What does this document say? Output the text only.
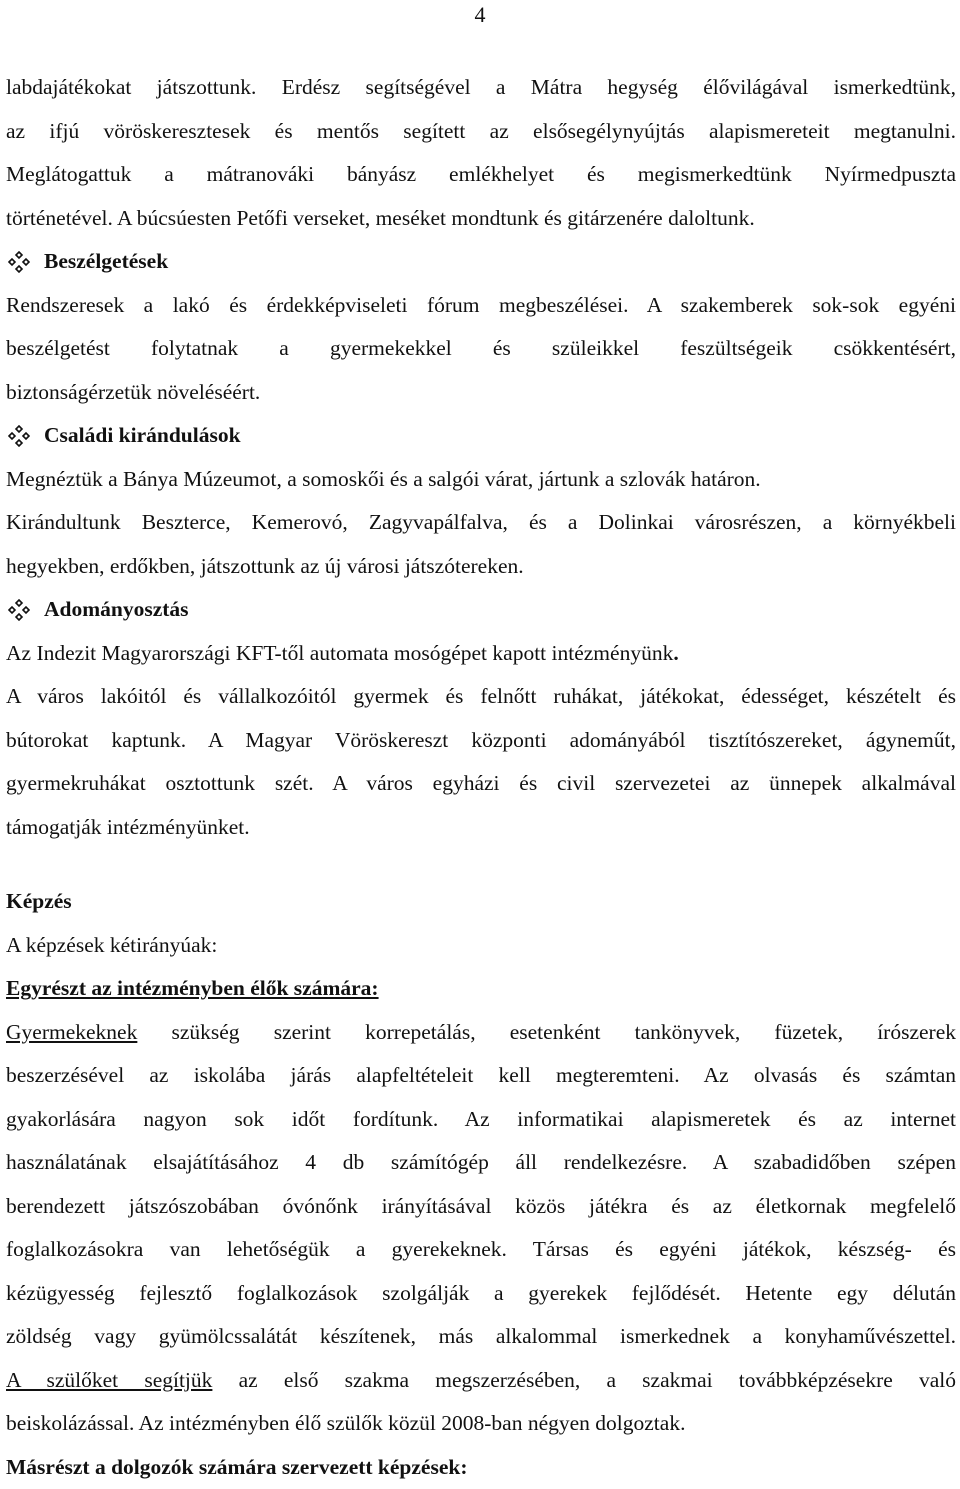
4
labdajátékokat játszottunk. Erdész segítségével a Mátra hegység élővilágával ismerkedtünk,
az ifjú vöröskeresztesek és mentős segített az elsősegélynyújtás alapismereteit megtanulni.
Meglátogattuk a mátranováki bányász emlékhelyet és megismerkedtünk Nyírmedpuszta
történetével. A búcsúesten Petőfi verseket, meséket mondtunk és gitárzenére daloltunk.
Beszélgetések
Rendszeresek a lakó és érdekképviseleti fórum megbeszélései. A szakemberek sok-sok egyéni
beszélgetést folytatnak a gyermekekkel és szüleikkel feszültségeik csökkentésért,
biztonságérzetük növeléséért.
Családi kirándulások
Megnéztük a Bánya Múzeumot, a somoskői és a salgói várat, jártunk a szlovák határon.
Kirándultunk Beszterce, Kemerovó, Zagyvapálfalva, és a Dolinkai városrészen, a környékbeli
hegyekben, erdőkben, játszottunk az új városi játszótereken.
Adományosztás
Az Indezit Magyarországi KFT-től automata mosógépet kapott intézményünk.
A város lakóitól és vállalkozóitól gyermek és felnőtt ruhákat, játékokat, édességet, készételt és
bútorokat kaptunk. A Magyar Vöröskereszt központi adományából tisztítószereket, ágyneműt,
gyermekruhákat osztottunk szét. A város egyházi és civil szervezetei az ünnepek alkalmával
támogatják intézményünket.
Képzés
A képzések kétirányúak:
Egyrészt az intézményben élők számára:
Gyermekeknek szükség szerint korrepetálás, esetenként tankönyvek, füzetek, írószerek
beszerzésével az iskolába járás alapfeltételeit kell megteremteni. Az olvasás és számtan
gyakorlására nagyon sok időt fordítunk. Az informatikai alapismeretek és az internet
használatának elsajátításához 4 db számítógép áll rendelkezésre. A szabadidőben szépen
berendezett játszószobában óvónőnk irányításával közös játékra és az életkornak megfelelő
foglalkozásokra van lehetőségük a gyerekeknek. Társas és egyéni játékok, készség- és
kézügyesség fejlesztő foglalkozások szolgálják a gyerekek fejlődését. Hetente egy délután
zöldség vagy gyümölcssalátát készítenek, más alkalommal ismerkednek a konyhaművészettel.
A szülőket segítjük az első szakma megszerzésében, a szakmai továbbképzésekre való
beiskolázással. Az intézményben élő szülők közül 2008-ban négyen dolgoztak.
Másrészt a dolgozók számára szervezett képzések:
